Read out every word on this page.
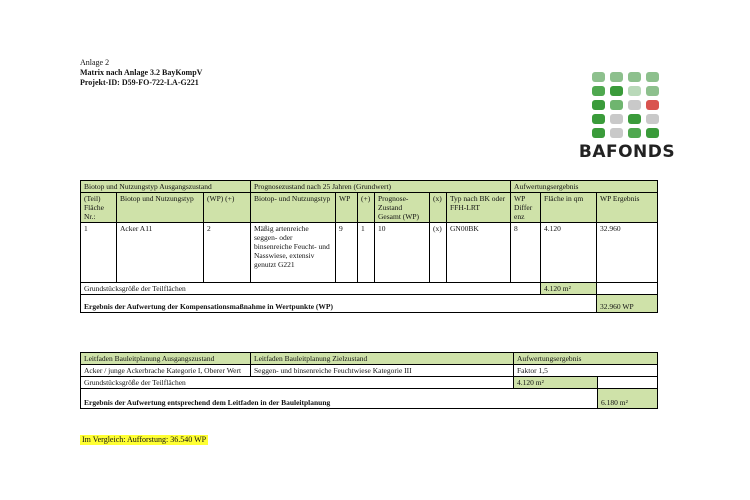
Anlage 2
Matrix nach Anlage 3.2 BayKompV
Projekt-ID: D59-FO-722-LA-G221
BAFONDS
Biotop und Nutzungstyp Ausgangszustand			Prognosezustand nach 25 Jahren (Grundwert)						Aufwertungsergebnis		
(Teil) Fläche Nr.:	Biotop und Nutzungstyp	(WP) (+)	Biotop- und Nutzungstyp	WP	(+)	Prognose-Zustand Gesamt (WP)	(x)	Typ nach BK oder FFH-LRT	WP Differ enz	Fläche in qm	WP Ergebnis
1	Acker A11	2	Mäßig artenreiche seggen- oder binsenreiche Feucht- und Nasswiese, extensiv genutzt G221	9	1	10	(x)	GN00BK	8	4.120	32.960
Grundstücksgröße der Teilflächen										4.120 m²	
Ergebnis der Aufwertung der Kompensationsmaßnahme in Wertpunkte (WP)											32.960 WP
Leitfaden Bauleitplanung Ausgangszustand	Leitfaden Bauleitplanung Zielzustand	Aufwertungsergebnis	
Acker / junge Ackerbrache Kategorie I, Oberer Wert	Seggen- und binsenreiche Feuchtwiese Kategorie III	Faktor 1,5	
Grundstücksgröße der Teilflächen		4.120 m²	
Ergebnis der Aufwertung entsprechend dem Leitfaden in der Bauleitplanung			6.180 m²
Im Vergleich: Aufforstung: 36.540 WP
